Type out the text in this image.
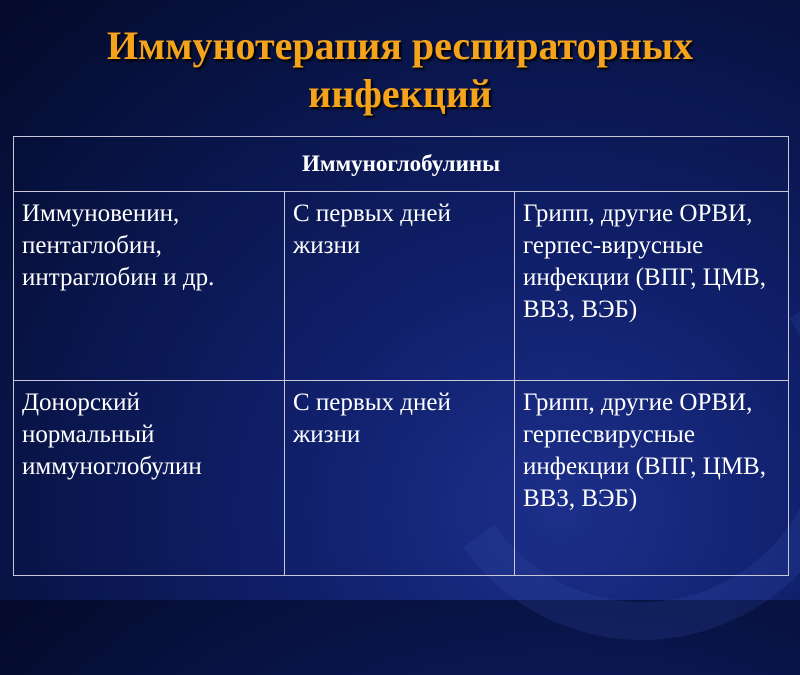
Иммунотерапия респираторных
инфекций
Иммуноглобулины		
Иммуновенин, пентаглобин, интраглобин и др.	С первых дней жизни	Грипп, другие ОРВИ, герпес-вирусные инфекции (ВПГ, ЦМВ, ВВЗ, ВЭБ)
Донорский нормальный иммуноглобулин	С первых дней жизни	Грипп, другие ОРВИ, герпесвирусные инфекции (ВПГ, ЦМВ, ВВЗ, ВЭБ)
